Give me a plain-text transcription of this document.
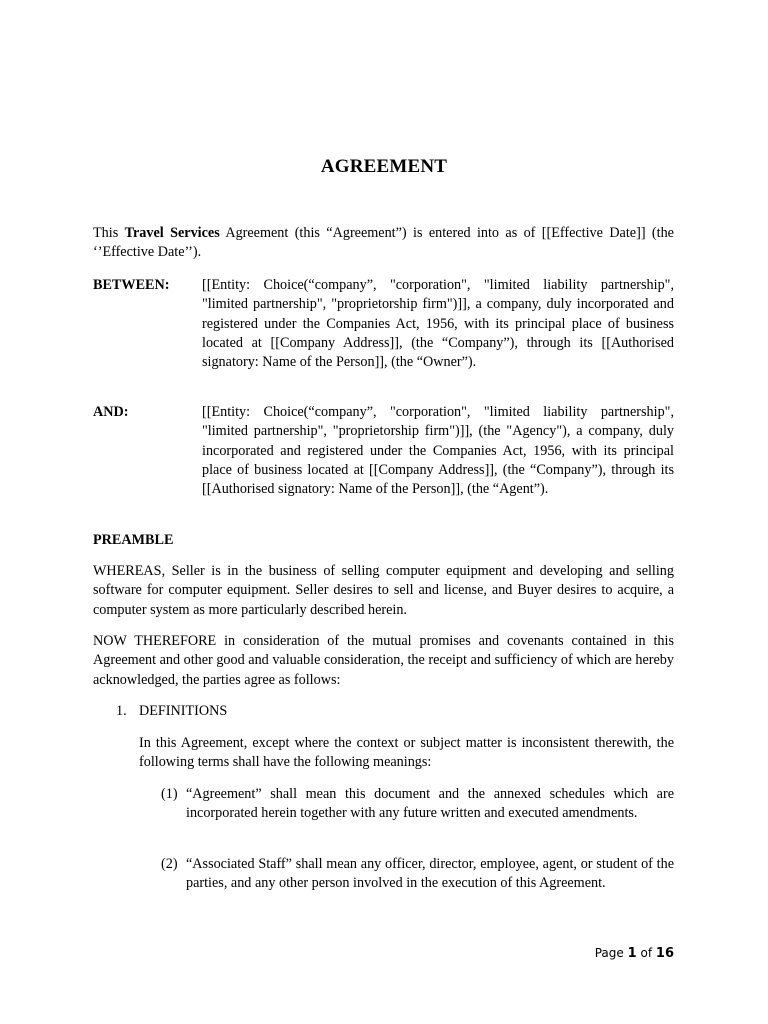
AGREEMENT
This Travel Services Agreement (this “Agreement”) is entered into as of [[Effective Date]] (the ‘’Effective Date’’).
BETWEEN: [[Entity: Choice(“company”, "corporation", "limited liability partnership", "limited partnership", "proprietorship firm")]], a company, duly incorporated and registered under the Companies Act, 1956, with its principal place of business located at [[Company Address]], (the “Company”), through its [[Authorised signatory: Name of the Person]], (the “Owner”).
AND:	[[Entity: Choice(“company”, "corporation", "limited liability partnership", "limited partnership", "proprietorship firm")]], (the "Agency"), a company, duly incorporated and registered under the Companies Act, 1956, with its principal place of business located at [[Company Address]], (the “Company”), through its [[Authorised signatory: Name of the Person]], (the “Agent”).
PREAMBLE
WHEREAS, Seller is in the business of selling computer equipment and developing and selling software for computer equipment. Seller desires to sell and license, and Buyer desires to acquire, a computer system as more particularly described herein.
NOW THEREFORE in consideration of the mutual promises and covenants contained in this Agreement and other good and valuable consideration, the receipt and sufficiency of which are hereby acknowledged, the parties agree as follows:
1. DEFINITIONS
In this Agreement, except where the context or subject matter is inconsistent therewith, the following terms shall have the following meanings:
(1) “Agreement” shall mean this document and the annexed schedules which are incorporated herein together with any future written and executed amendments.
(2) “Associated Staff” shall mean any officer, director, employee, agent, or student of the parties, and any other person involved in the execution of this Agreement.
Page 1 of 16
